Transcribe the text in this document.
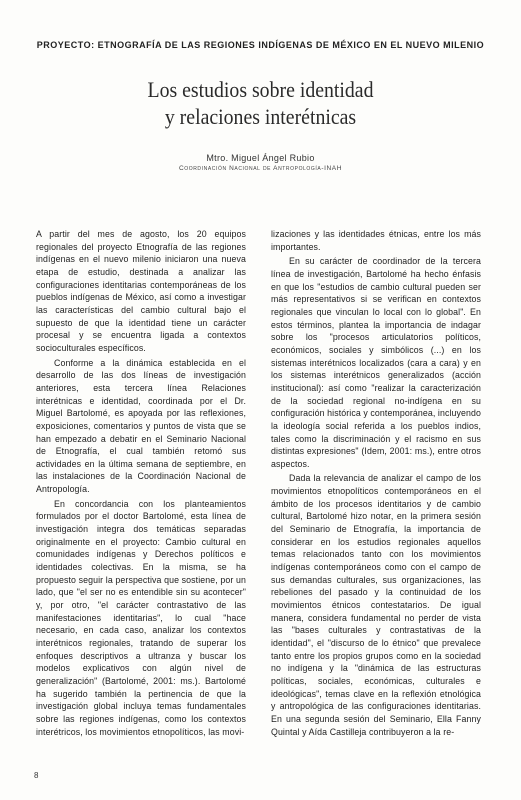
PROYECTO: ETNOGRAFÍA DE LAS REGIONES INDÍGENAS DE MÉXICO EN EL NUEVO MILENIO
Los estudios sobre identidad
y relaciones interétnicas
Mtro. Miguel Ángel Rubio
Coordinación Nacional de Antropología-INAH

A partir del mes de agosto, los 20 equipos regionales del proyecto Etnografía de las regiones indígenas en el nuevo milenio iniciaron una nueva etapa de estudio, destinada a analizar las configuraciones identitarias contemporáneas de los pueblos indígenas de México, así como a investigar las características del cambio cultural bajo el supuesto de que la identidad tiene un carácter procesal y se encuentra ligada a contextos socioculturales específicos.

Conforme a la dinámica establecida en el desarrollo de las dos líneas de investigación anteriores, esta tercera línea Relaciones interétnicas e identidad, coordinada por el Dr. Miguel Bartolomé, es apoyada por las reflexiones, exposiciones, comentarios y puntos de vista que se han empezado a debatir en el Seminario Nacional de Etnografía, el cual también retomó sus actividades en la última semana de septiembre, en las instalaciones de la Coordinación Nacional de Antropología.

En concordancia con los planteamientos formulados por el doctor Bartolomé, esta línea de investigación integra dos temáticas separadas originalmente en el proyecto: Cambio cultural en comunidades indígenas y Derechos políticos e identidades colectivas. En la misma, se ha propuesto seguir la perspectiva que sostiene, por un lado, que "el ser no es entendible sin su acontecer" y, por otro, "el carácter contrastativo de las manifestaciones identitarias", lo cual "hace necesario, en cada caso, analizar los contextos interétnicos regionales, tratando de superar los enfoques descriptivos a ultranza y buscar los modelos explicativos con algún nivel de generalización" (Bartolomé, 2001: ms.). Bartolomé ha sugerido también la pertinencia de que la investigación global incluya temas fundamentales sobre las regiones indígenas, como los contextos interétricos, los movimientos etnopolíticos, las movi-

lizaciones y las identidades étnicas, entre los más importantes.

En su carácter de coordinador de la tercera línea de investigación, Bartolomé ha hecho énfasis en que los "estudios de cambio cultural pueden ser más representativos si se verifican en contextos regionales que vinculan lo local con lo global". En estos términos, plantea la importancia de indagar sobre los "procesos articulatorios políticos, económicos, sociales y simbólicos (...) en los sistemas interétnicos localizados (cara a cara) y en los sistemas interétnicos generalizados (acción institucional): así como "realizar la caracterización de la sociedad regional no-indígena en su configuración histórica y contemporánea, incluyendo la ideología social referida a los pueblos indios, tales como la discriminación y el racismo en sus distintas expresiones" (Idem, 2001: ms.), entre otros aspectos.

Dada la relevancia de analizar el campo de los movimientos etnopolíticos contemporáneos en el ámbito de los procesos identitarios y de cambio cultural, Bartolomé hizo notar, en la primera sesión del Seminario de Etnografía, la importancia de considerar en los estudios regionales aquellos temas relacionados tanto con los movimientos indígenas contemporáneos como con el campo de sus demandas culturales, sus organizaciones, las rebeliones del pasado y la continuidad de los movimientos étnicos contestatarios. De igual manera, considera fundamental no perder de vista las "bases culturales y contrastativas de la identidad", el "discurso de lo étnico" que prevalece tanto entre los propios grupos como en la sociedad no indígena y la "dinámica de las estructuras políticas, sociales, económicas, culturales e ideológicas", temas clave en la reflexión etnológica y antropológica de las configuraciones identitarias. En una segunda sesión del Seminario, Ella Fanny Quintal y Aída Castilleja contribuyeron a la re-

8
